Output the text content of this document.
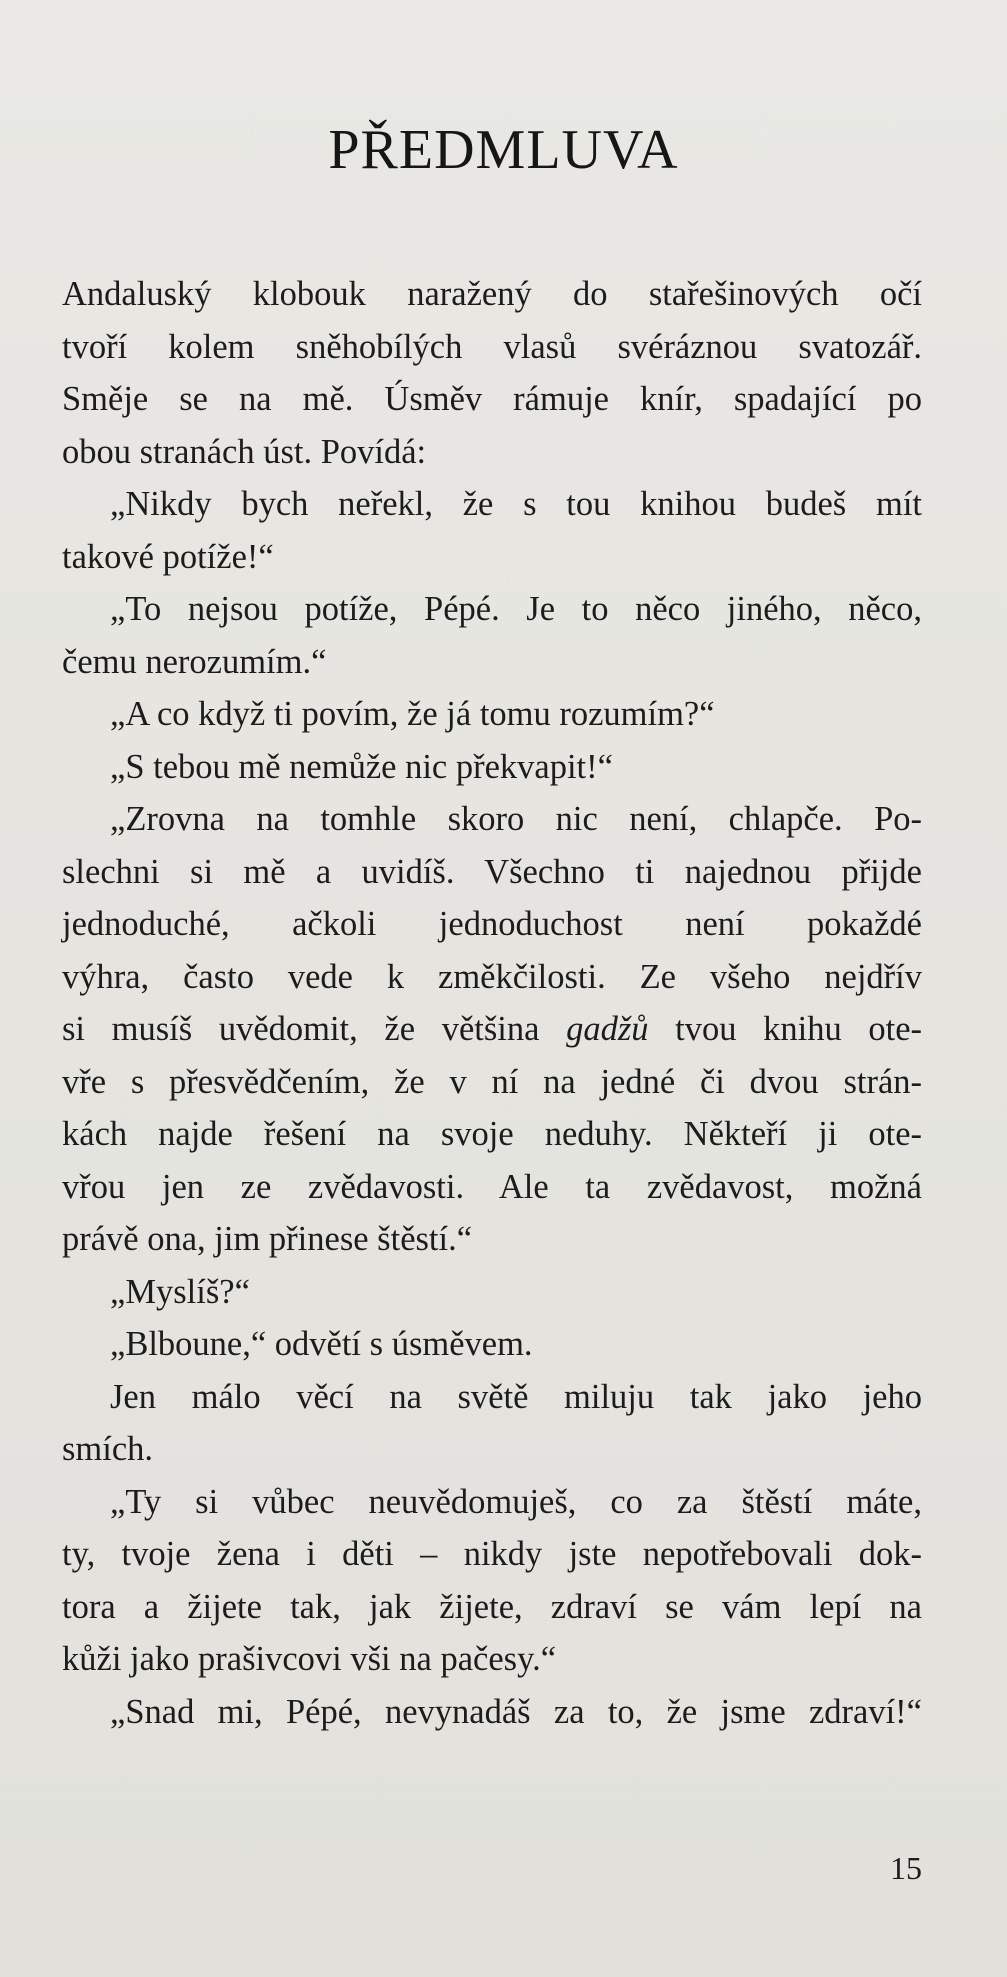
PŘEDMLUVA
Andaluský klobouk naražený do stařešinových očí
tvoří kolem sněhobílých vlasů svéráznou svatozář.
Směje se na mě. Úsměv rámuje knír, spadající po
obou stranách úst. Povídá:
„Nikdy bych neřekl, že s tou knihou budeš mít
takové potíže!“
„To nejsou potíže, Pépé. Je to něco jiného, něco,
čemu nerozumím.“
„A co když ti povím, že já tomu rozumím?“
„S tebou mě nemůže nic překvapit!“
„Zrovna na tomhle skoro nic není, chlapče. Po-
slechni si mě a uvidíš. Všechno ti najednou přijde
jednoduché, ačkoli jednoduchost není pokaždé
výhra, často vede k změkčilosti. Ze všeho nejdřív
si musíš uvědomit, že většina gadžů tvou knihu ote-
vře s přesvědčením, že v ní na jedné či dvou strán-
kách najde řešení na svoje neduhy. Někteří ji ote-
vřou jen ze zvědavosti. Ale ta zvědavost, možná
právě ona, jim přinese štěstí.“
„Myslíš?“
„Blboune,“ odvětí s úsměvem.
Jen málo věcí na světě miluju tak jako jeho
smích.
„Ty si vůbec neuvědomuješ, co za štěstí máte,
ty, tvoje žena i děti – nikdy jste nepotřebovali dok-
tora a žijete tak, jak žijete, zdraví se vám lepí na
kůži jako prašivcovi vši na pačesy.“
„Snad mi, Pépé, nevynadáš za to, že jsme zdraví!“
15
